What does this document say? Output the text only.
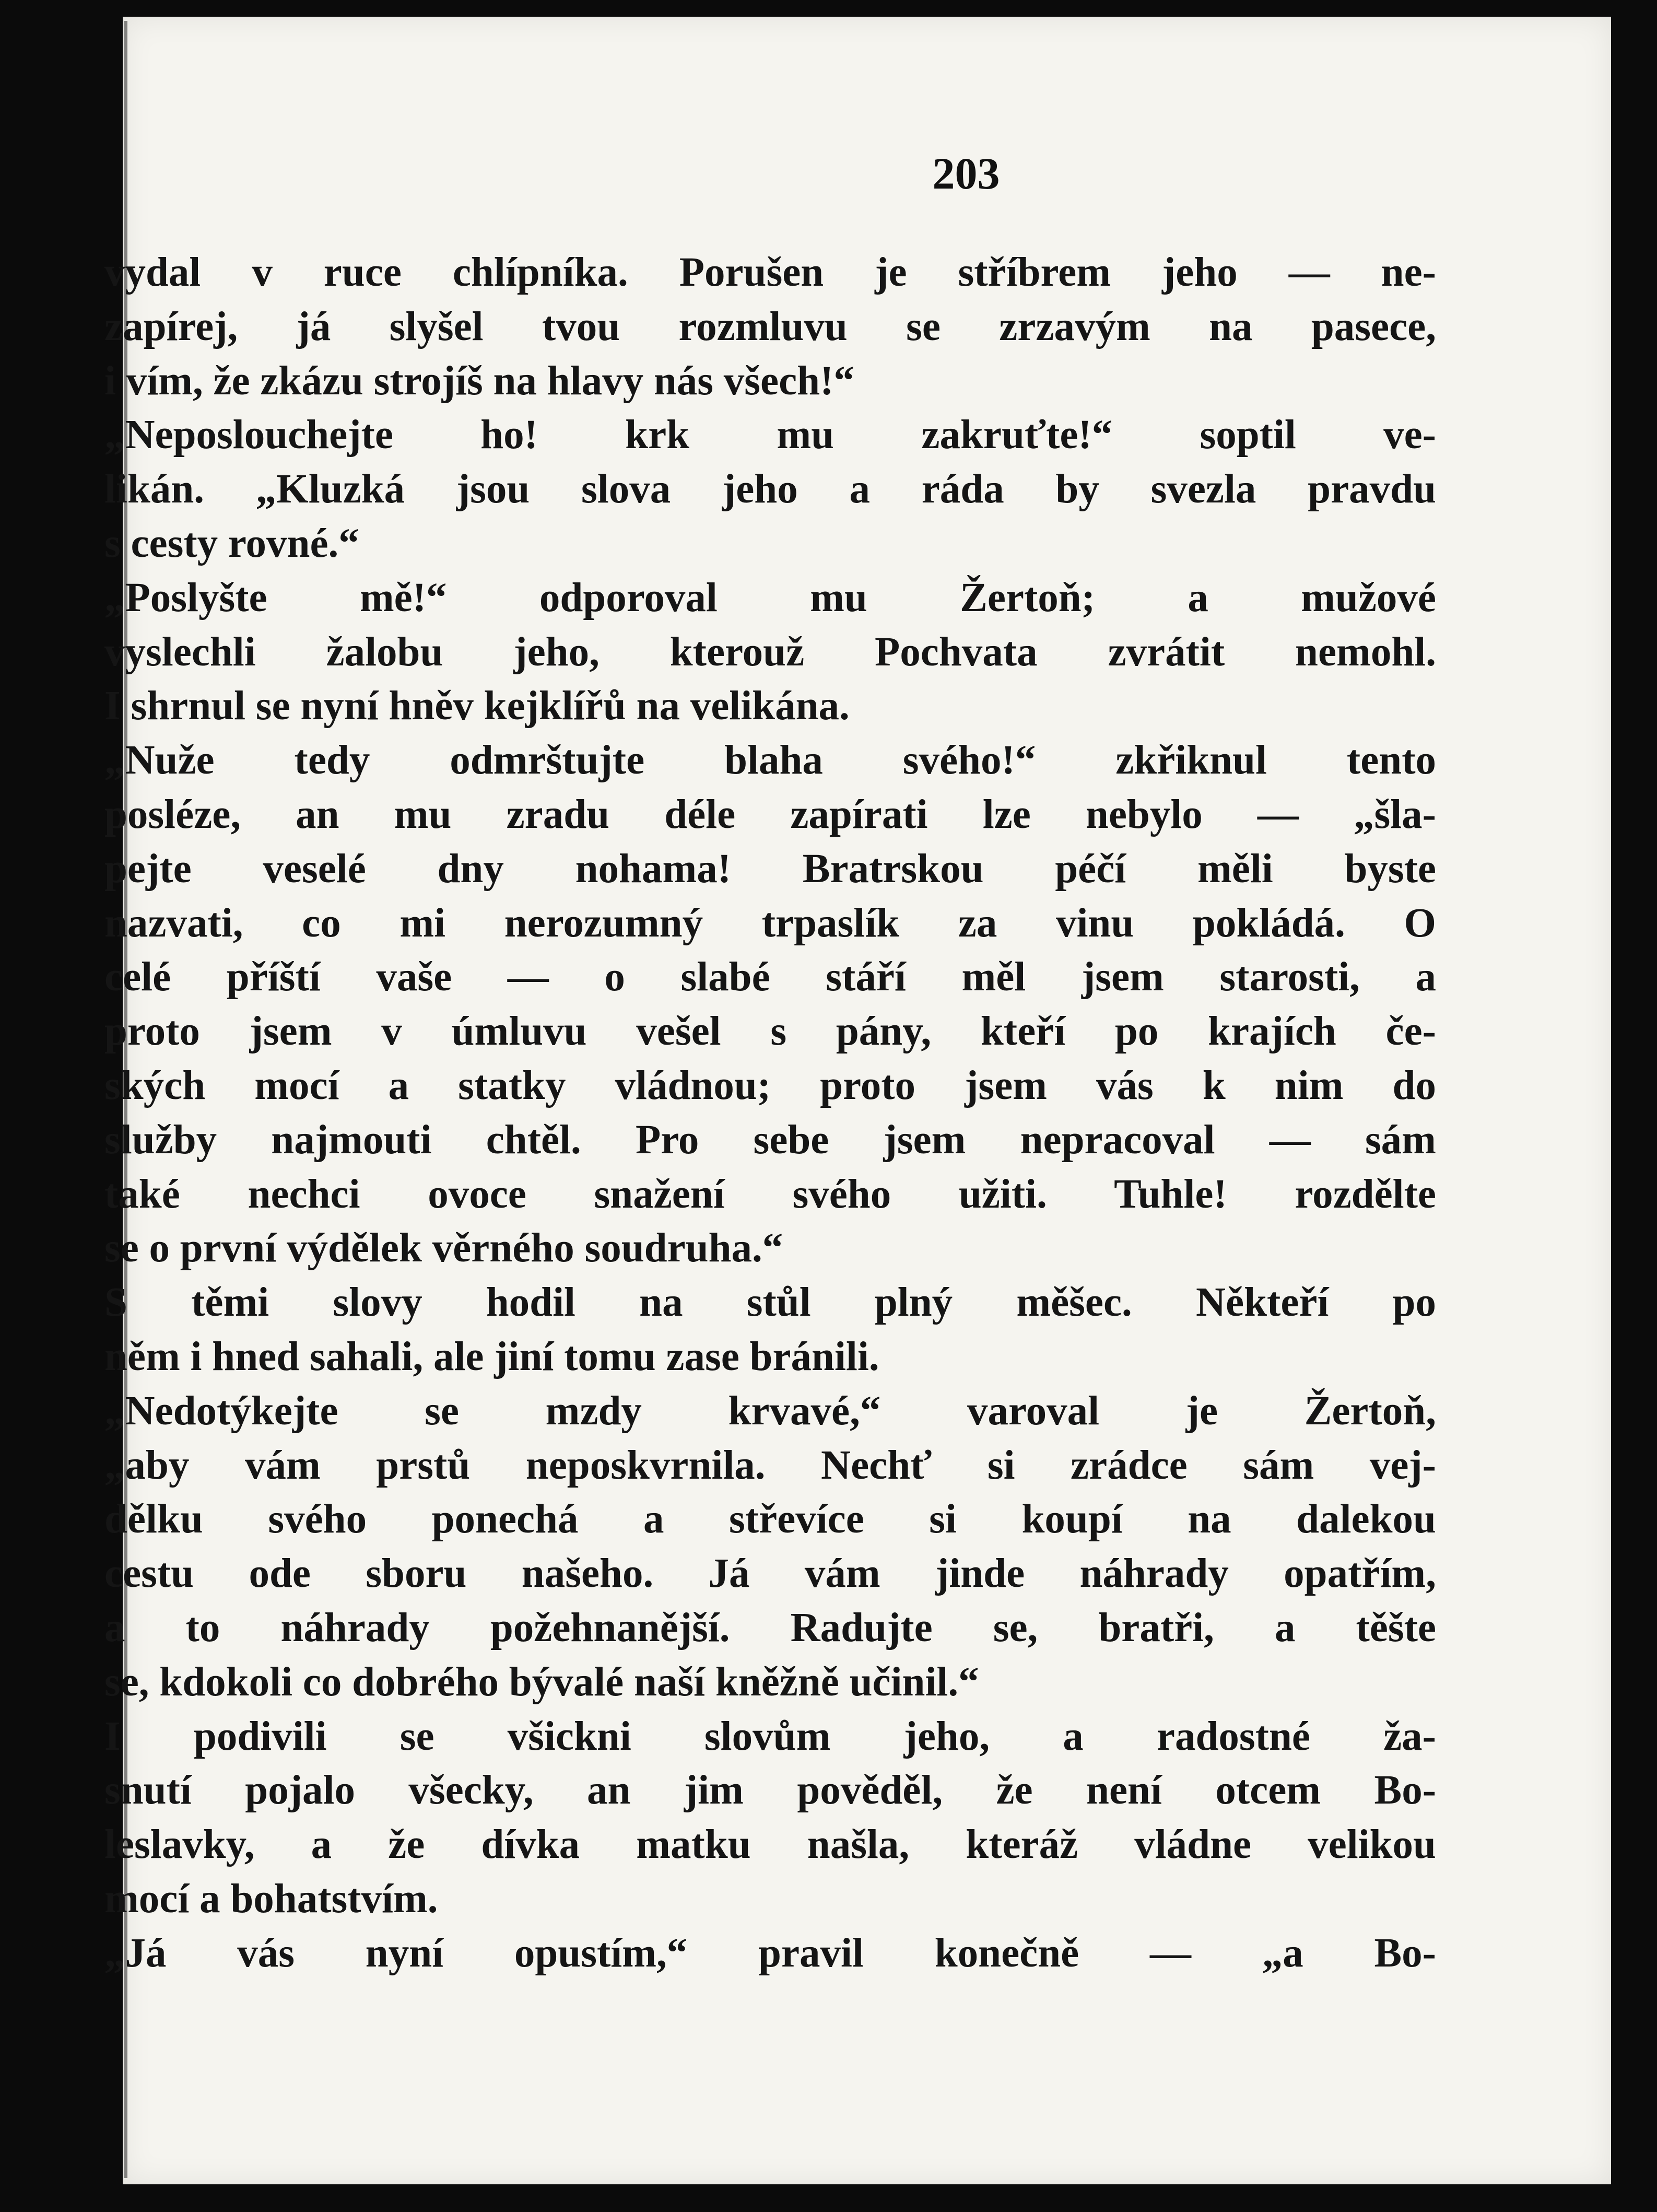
203
vydal v ruce chlípníka. Porušen je stříbrem jeho — ne-
zapírej, já slyšel tvou rozmluvu se zrzavým na pasece,
i vím, že zkázu strojíš na hlavy nás všech!“
„Neposlouchejte ho! krk mu zakruťte!“ soptil ve-
likán. „Kluzká jsou slova jeho a ráda by svezla pravdu
s cesty rovné.“
„Poslyšte mě!“ odporoval mu Žertoň; a mužové
vyslechli žalobu jeho, kterouž Pochvata zvrátit nemohl.
I shrnul se nyní hněv kejklířů na velikána.
„Nuže tedy odmrštujte blaha svého!“ zkřiknul tento
posléze, an mu zradu déle zapírati lze nebylo — „šla-
pejte veselé dny nohama! Bratrskou péčí měli byste
nazvati, co mi nerozumný trpaslík za vinu pokládá. O
celé příští vaše — o slabé stáří měl jsem starosti, a
proto jsem v úmluvu vešel s pány, kteří po krajích če-
ských mocí a statky vládnou; proto jsem vás k nim do
služby najmouti chtěl. Pro sebe jsem nepracoval — sám
také nechci ovoce snažení svého užiti. Tuhle! rozdělte
se o první výdělek věrného soudruha.“
S těmi slovy hodil na stůl plný měšec. Někteří po
něm i hned sahali, ale jiní tomu zase bránili.
„Nedotýkejte se mzdy krvavé,“ varoval je Žertoň,
„aby vám prstů neposkvrnila. Nechť si zrádce sám vej-
dělku svého ponechá a střevíce si koupí na dalekou
cestu ode sboru našeho. Já vám jinde náhrady opatřím,
a to náhrady požehnanější. Radujte se, bratři, a těšte
se, kdokoli co dobrého bývalé naší kněžně učinil.“
I podivili se všickni slovům jeho, a radostné ža-
snutí pojalo všecky, an jim pověděl, že není otcem Bo-
leslavky, a že dívka matku našla, kteráž vládne velikou
mocí a bohatstvím.
„Já vás nyní opustím,“ pravil konečně — „a Bo-
